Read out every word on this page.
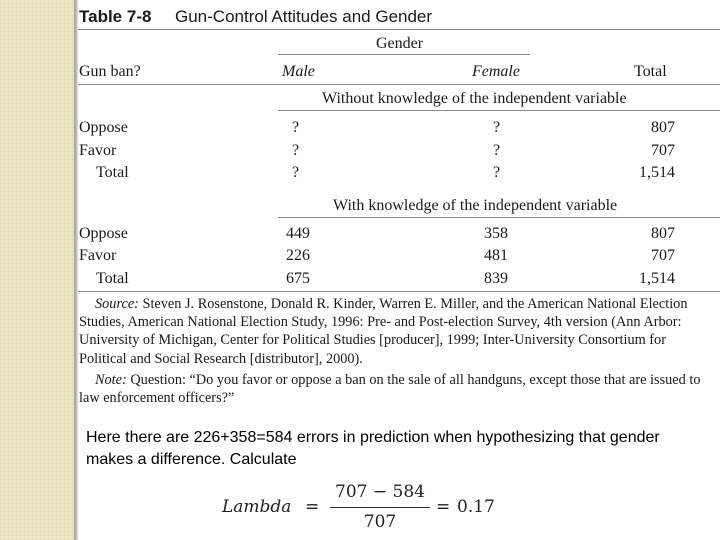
Table 7-8 Gun-Control Attitudes and Gender
Gender
Gun ban?	Male	Female	Total
Without knowledge of the independent variable
Oppose	?	?	807
Favor	?	?	707
Total	?	?	1,514
With knowledge of the independent variable
Oppose	449	358	807
Favor	226	481	707
Total	675	839	1,514
Source: Steven J. Rosenstone, Donald R. Kinder, Warren E. Miller, and the American National Election Studies, American National Election Study, 1996: Pre- and Post-election Survey, 4th version (Ann Arbor: University of Michigan, Center for Political Studies [producer], 1999; Inter-University Consortium for Political and Social Research [distributor], 2000).
Note: Question: “Do you favor or oppose a ban on the sale of all handguns, except those that are issued to law enforcement officers?”
Here there are 226+358=584 errors in prediction when hypothesizing that gender makes a difference. Calculate
Lambda =
707 − 584
707
= 0.17
